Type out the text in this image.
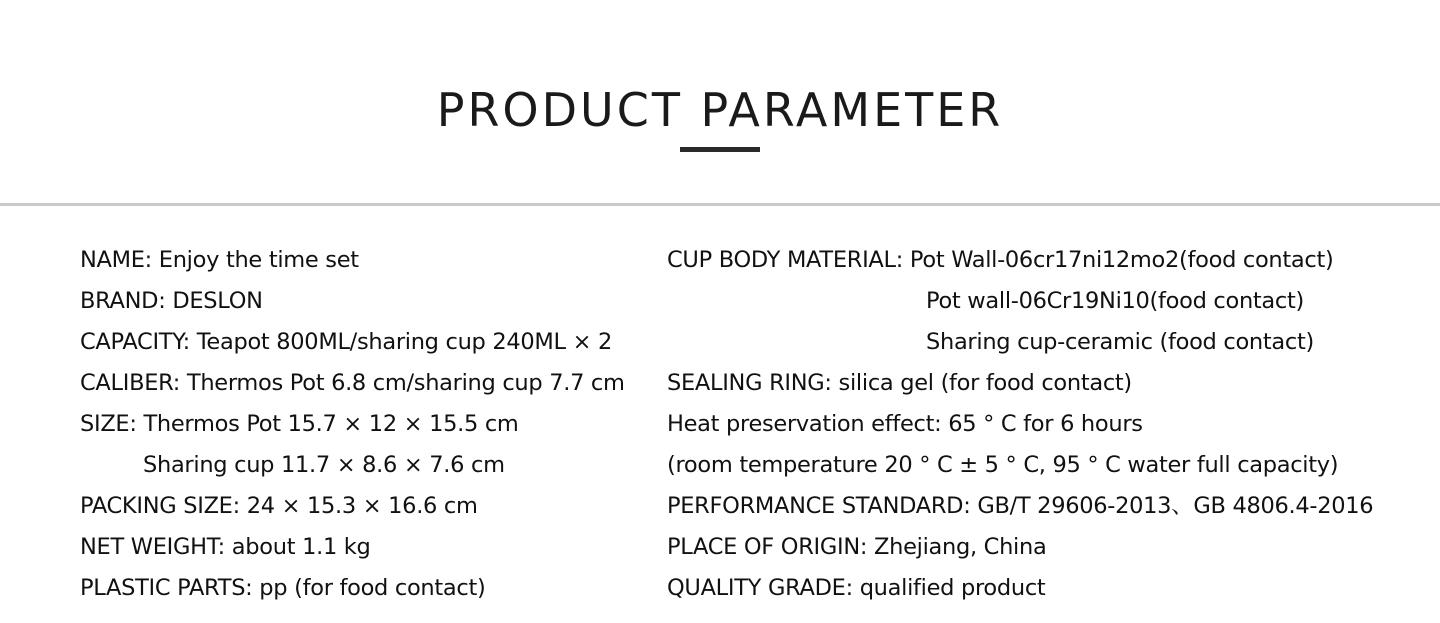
PRODUCT PARAMETER
NAME: Enjoy the time set
BRAND: DESLON
CAPACITY: Teapot 800ML/sharing cup 240ML × 2
CALIBER: Thermos Pot 6.8 cm/sharing cup 7.7 cm
SIZE: Thermos Pot 15.7 × 12 × 15.5 cm
Sharing cup 11.7 × 8.6 × 7.6 cm
PACKING SIZE: 24 × 15.3 × 16.6 cm
NET WEIGHT: about 1.1 kg
PLASTIC PARTS: pp (for food contact)
CUP BODY MATERIAL: Pot Wall-06cr17ni12mo2(food contact)
Pot wall-06Cr19Ni10(food contact)
Sharing cup-ceramic (food contact)
SEALING RING: silica gel (for food contact)
Heat preservation effect: 65 ° C for 6 hours
(room temperature 20 ° C ± 5 ° C, 95 ° C water full capacity)
PERFORMANCE STANDARD: GB/T 29606-2013、GB 4806.4-2016
PLACE OF ORIGIN: Zhejiang, China
QUALITY GRADE: qualified product
